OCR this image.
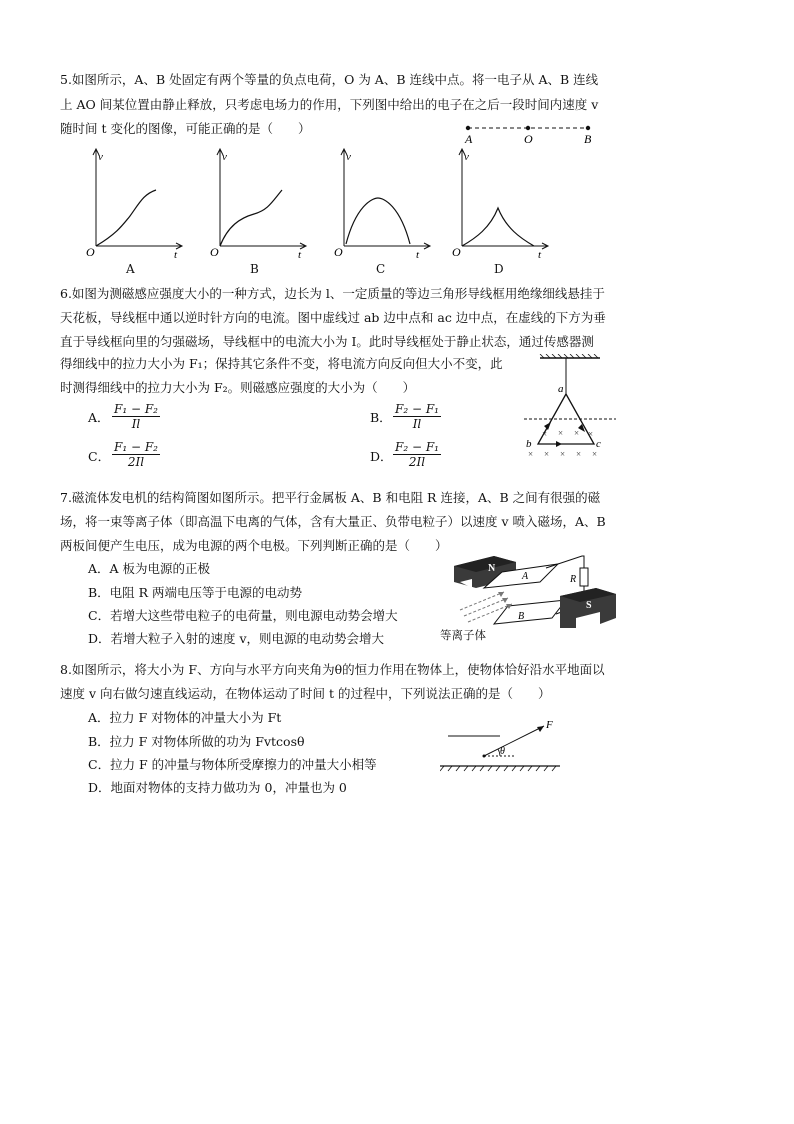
5.如图所示，A、B 处固定有两个等量的负点电荷，O 为 A、B 连线中点。将一电子从 A、B 连线
上 AO 间某位置由静止释放，只考虑电场力的作用，下列图中给出的电子在之后一段时间内速度 v
随时间 t 变化的图像，可能正确的是（　　）
A	O	B
v
t
O
A
v
t
O
B
v
t
O
C
v
t
O
D
6.如图为测磁感应强度大小的一种方式，边长为 l、一定质量的等边三角形导线框用绝缘细线悬挂于
天花板，导线框中通以逆时针方向的电流。图中虚线过 ab 边中点和 ac 边中点，在虚线的下方为垂
直于导线框向里的匀强磁场，导线框中的电流大小为 I。此时导线框处于静止状态，通过传感器测
得细线中的拉力大小为 F₁；保持其它条件不变，将电流方向反向但大小不变，此
时测得细线中的拉力大小为 F₂。则磁感应强度的大小为（　　）
A． $\frac{\text{F₁ − F₂}}{Il}$	B． $\frac{\text{F₂ − F₁}}{Il}$
C． $\frac{\text{F₁ − F₂}}{2Il}$	D． $\frac{\text{F₂ − F₁}}{2Il}$
× × × ×
× × × × ×
a
b	c
7.磁流体发电机的结构简图如图所示。把平行金属板 A、B 和电阻 R 连接，A、B 之间有很强的磁
场，将一束等离子体（即高温下电离的气体，含有大量正、负带电粒子）以速度 v 喷入磁场，A、B
两板间便产生电压，成为电源的两个电极。下列判断正确的是（　　）
A．A 板为电源的正极
B．电阻 R 两端电压等于电源的电动势
C．若增大这些带电粒子的电荷量，则电源电动势会增大
D．若增大粒子入射的速度 v，则电源的电动势会增大
N
A	R
B
S
等离子体
8.如图所示，将大小为 F、方向与水平方向夹角为θ的恒力作用在物体上，使物体恰好沿水平地面以
速度 v 向右做匀速直线运动，在物体运动了时间 t 的过程中，下列说法正确的是（　　）
A．拉力 F 对物体的冲量大小为 Ft
B．拉力 F 对物体所做的功为 Fvtcosθ
C．拉力 F 的冲量与物体所受摩擦力的冲量大小相等
D．地面对物体的支持力做功为 0，冲量也为 0
F
θ
